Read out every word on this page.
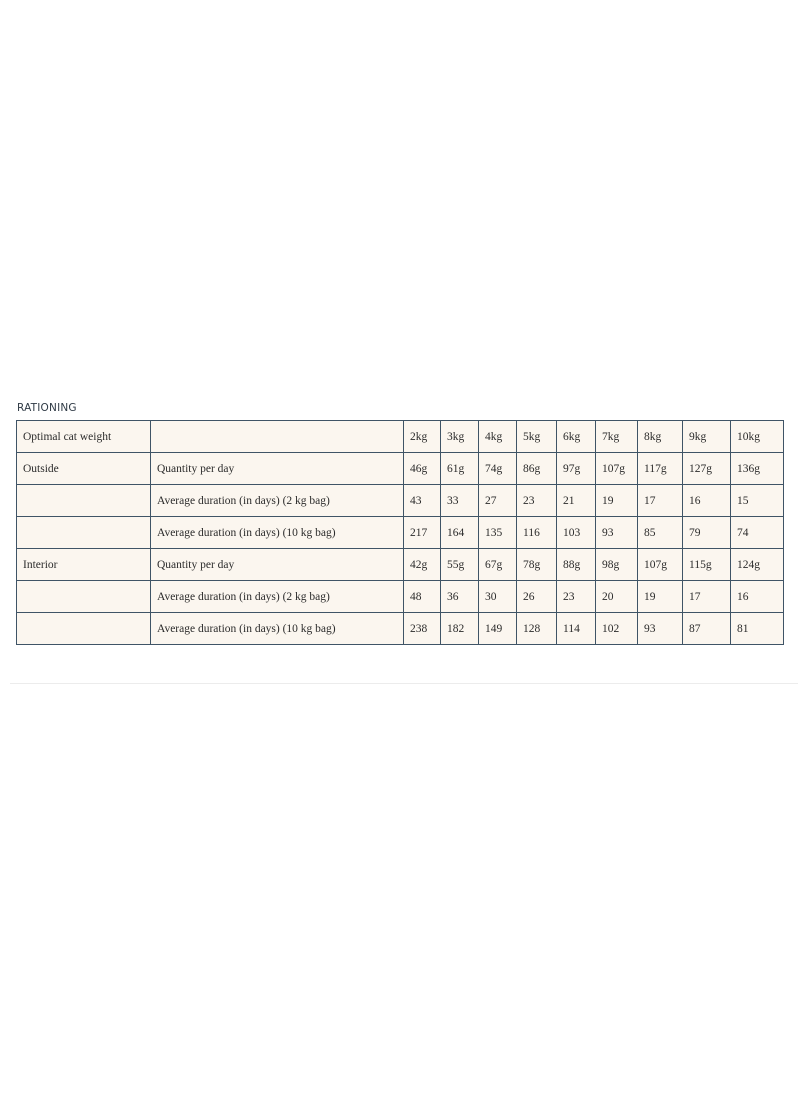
RATIONING
Optimal cat weight		2kg	3kg	4kg	5kg	6kg	7kg	8kg	9kg	10kg
Outside	Quantity per day	46g	61g	74g	86g	97g	107g	117g	127g	136g
	Average duration (in days) (2 kg bag)	43	33	27	23	21	19	17	16	15
	Average duration (in days) (10 kg bag)	217	164	135	116	103	93	85	79	74
Interior	Quantity per day	42g	55g	67g	78g	88g	98g	107g	115g	124g
	Average duration (in days) (2 kg bag)	48	36	30	26	23	20	19	17	16
	Average duration (in days) (10 kg bag)	238	182	149	128	114	102	93	87	81
